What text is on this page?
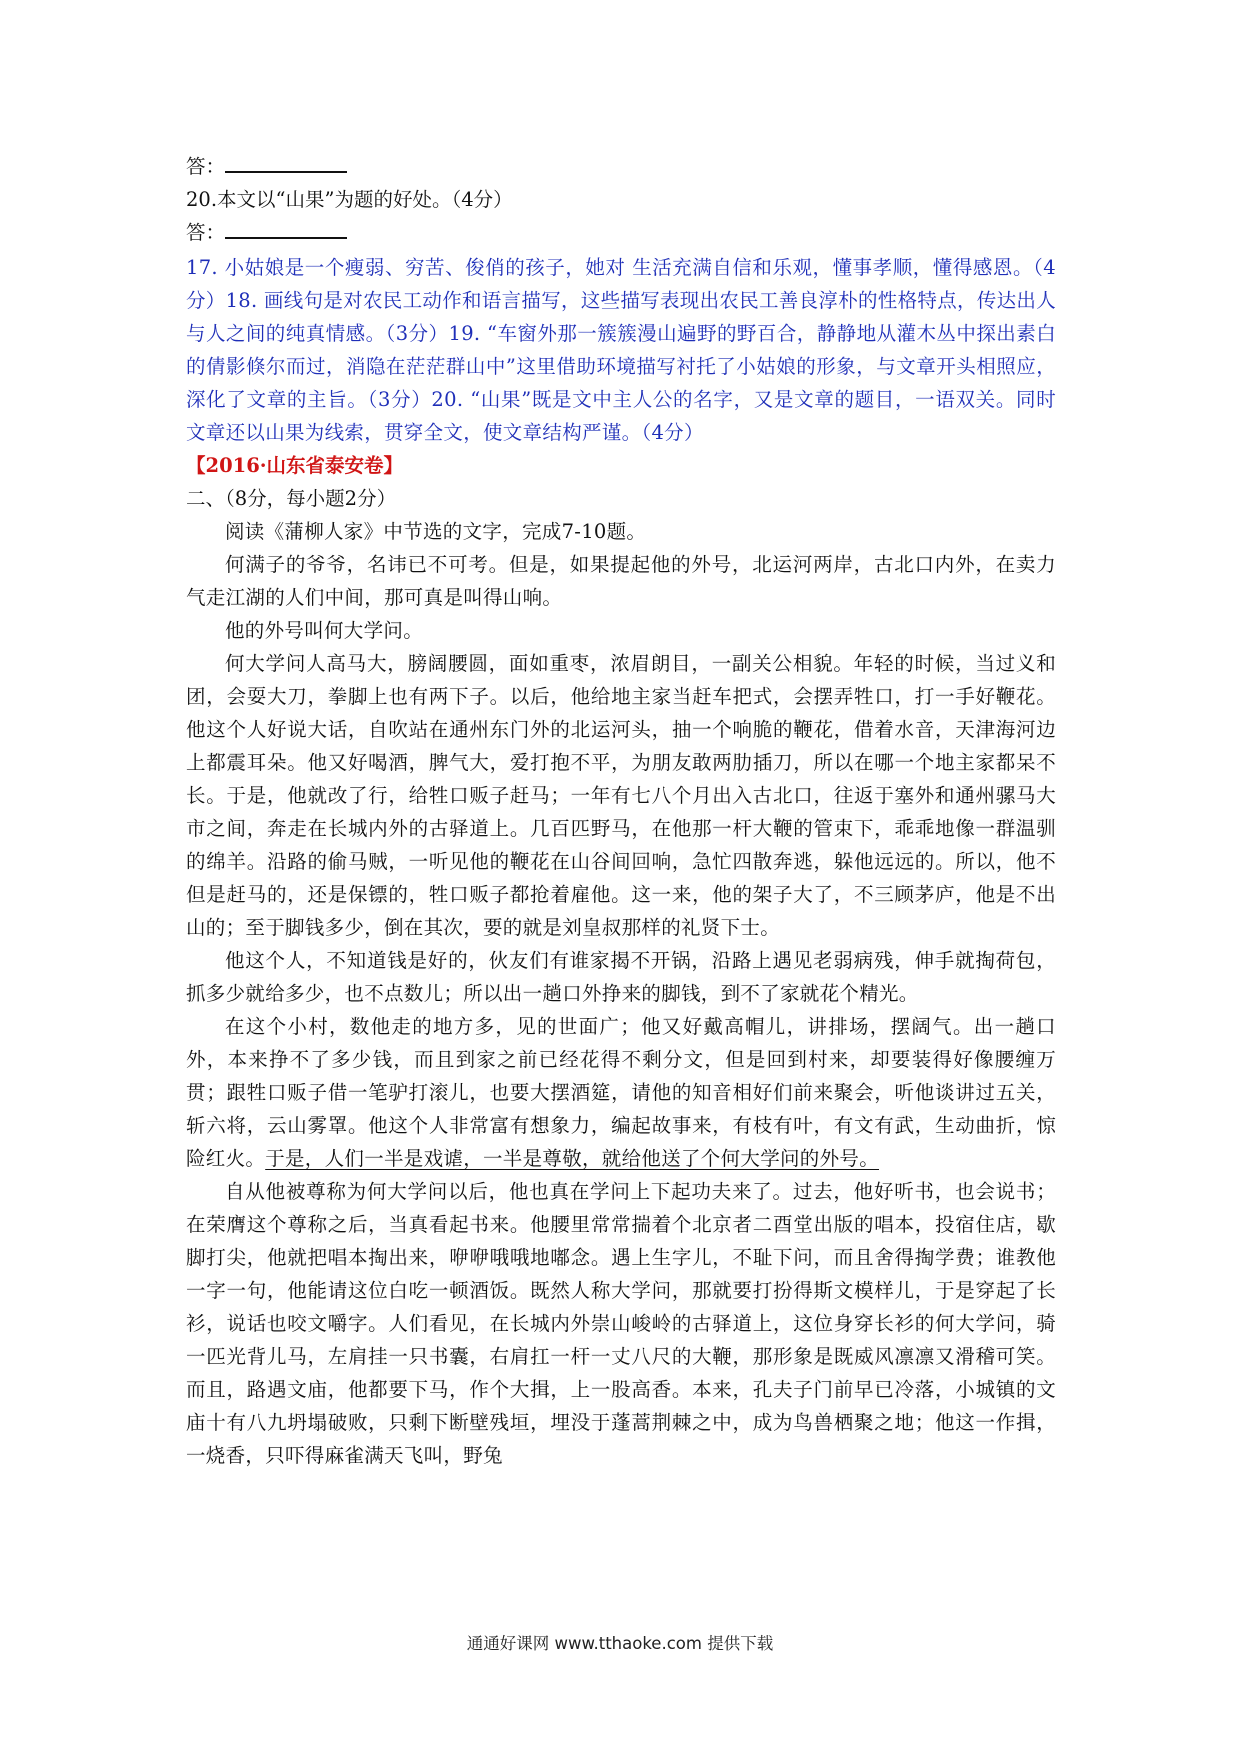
答：
20.本文以“山果”为题的好处。（4分）
答：
17. 小姑娘是一个瘦弱、穷苦、俊俏的孩子，她对 生活充满自信和乐观，懂事孝顺，懂得感恩。（4分）18. 画线句是对农民工动作和语言描写，这些描写表现出农民工善良淳朴的性格特点，传达出人与人之间的纯真情感。（3分）19. “车窗外那一簇簇漫山遍野的野百合，静静地从灌木丛中探出素白的倩影倏尔而过，消隐在茫茫群山中”这里借助环境描写衬托了小姑娘的形象，与文章开头相照应，深化了文章的主旨。（3分）20. “山果”既是文中主人公的名字，又是文章的题目，一语双关。同时文章还以山果为线索，贯穿全文，使文章结构严谨。（4分）
【2016·山东省泰安卷】
二、（8分，每小题2分）

阅读《蒲柳人家》中节选的文字，完成7-10题。

何满子的爷爷，名讳已不可考。但是，如果提起他的外号，北运河两岸，古北口内外，在卖力气走江湖的人们中间，那可真是叫得山响。

他的外号叫何大学问。

何大学问人高马大，膀阔腰圆，面如重枣，浓眉朗目，一副关公相貌。年轻的时候，当过义和团，会耍大刀，拳脚上也有两下子。以后，他给地主家当赶车把式，会摆弄牲口，打一手好鞭花。他这个人好说大话，自吹站在通州东门外的北运河头，抽一个响脆的鞭花，借着水音，天津海河边上都震耳朵。他又好喝酒，脾气大，爱打抱不平，为朋友敢两肋插刀，所以在哪一个地主家都呆不长。于是，他就改了行，给牲口贩子赶马；一年有七八个月出入古北口，往返于塞外和通州骡马大市之间，奔走在长城内外的古驿道上。几百匹野马，在他那一杆大鞭的管束下，乖乖地像一群温驯的绵羊。沿路的偷马贼，一听见他的鞭花在山谷间回响，急忙四散奔逃，躲他远远的。所以，他不但是赶马的，还是保镖的，牲口贩子都抢着雇他。这一来，他的架子大了，不三顾茅庐，他是不出山的；至于脚钱多少，倒在其次，要的就是刘皇叔那样的礼贤下士。

他这个人，不知道钱是好的，伙友们有谁家揭不开锅，沿路上遇见老弱病残，伸手就掏荷包，抓多少就给多少，也不点数儿；所以出一趟口外挣来的脚钱，到不了家就花个精光。

在这个小村，数他走的地方多，见的世面广；他又好戴高帽儿，讲排场，摆阔气。出一趟口外，本来挣不了多少钱，而且到家之前已经花得不剩分文，但是回到村来，却要装得好像腰缠万贯；跟牲口贩子借一笔驴打滚儿，也要大摆酒筵，请他的知音相好们前来聚会，听他谈讲过五关，斩六将，云山雾罩。他这个人非常富有想象力，编起故事来，有枝有叶，有文有武，生动曲折，惊险红火。于是，人们一半是戏谑，一半是尊敬，就给他送了个何大学问的外号。

自从他被尊称为何大学问以后，他也真在学问上下起功夫来了。过去，他好听书，也会说书；在荣膺这个尊称之后，当真看起书来。他腰里常常揣着个北京者二酉堂出版的唱本，投宿住店，歇脚打尖，他就把唱本掏出来，咿咿哦哦地嘟念。遇上生字儿，不耻下问，而且舍得掏学费；谁教他一字一句，他能请这位白吃一顿酒饭。既然人称大学问，那就要打扮得斯文模样儿，于是穿起了长衫，说话也咬文嚼字。人们看见，在长城内外崇山峻岭的古驿道上，这位身穿长衫的何大学问，骑一匹光背儿马，左肩挂一只书囊，右肩扛一杆一丈八尺的大鞭，那形象是既威风凛凛又滑稽可笑。而且，路遇文庙，他都要下马，作个大揖，上一股高香。本来，孔夫子门前早已冷落，小城镇的文庙十有八九坍塌破败，只剩下断壁残垣，埋没于蓬蒿荆棘之中，成为鸟兽栖聚之地；他这一作揖，一烧香，只吓得麻雀满天飞叫，野兔

通通好课网 www.tthaoke.com 提供下载
